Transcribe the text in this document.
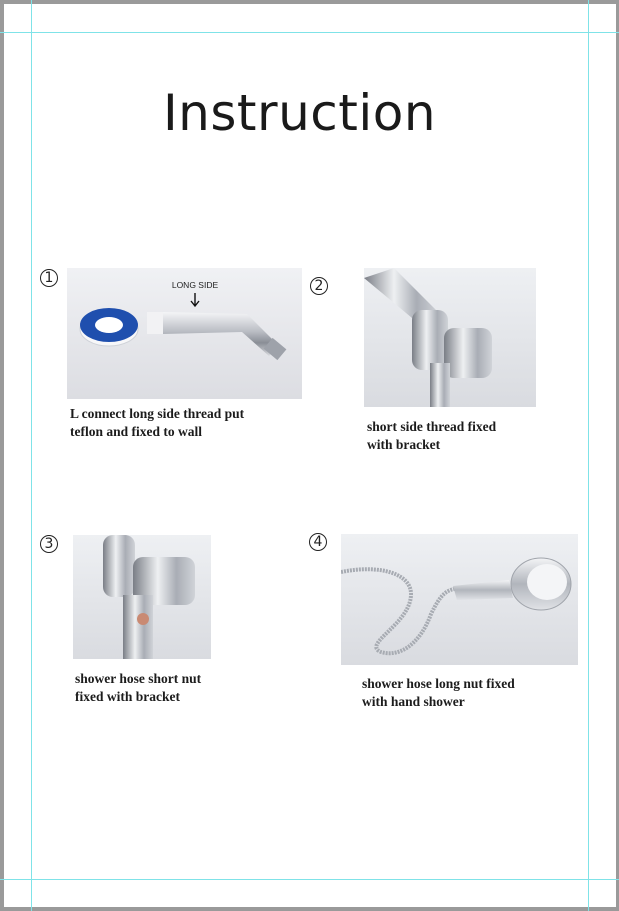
Instruction
1	LONG SIDE
L connect long side thread put
teflon and fixed to wall
2
short side thread fixed
with bracket
3
shower hose short nut
fixed with bracket
4
shower hose long nut fixed
with hand shower
